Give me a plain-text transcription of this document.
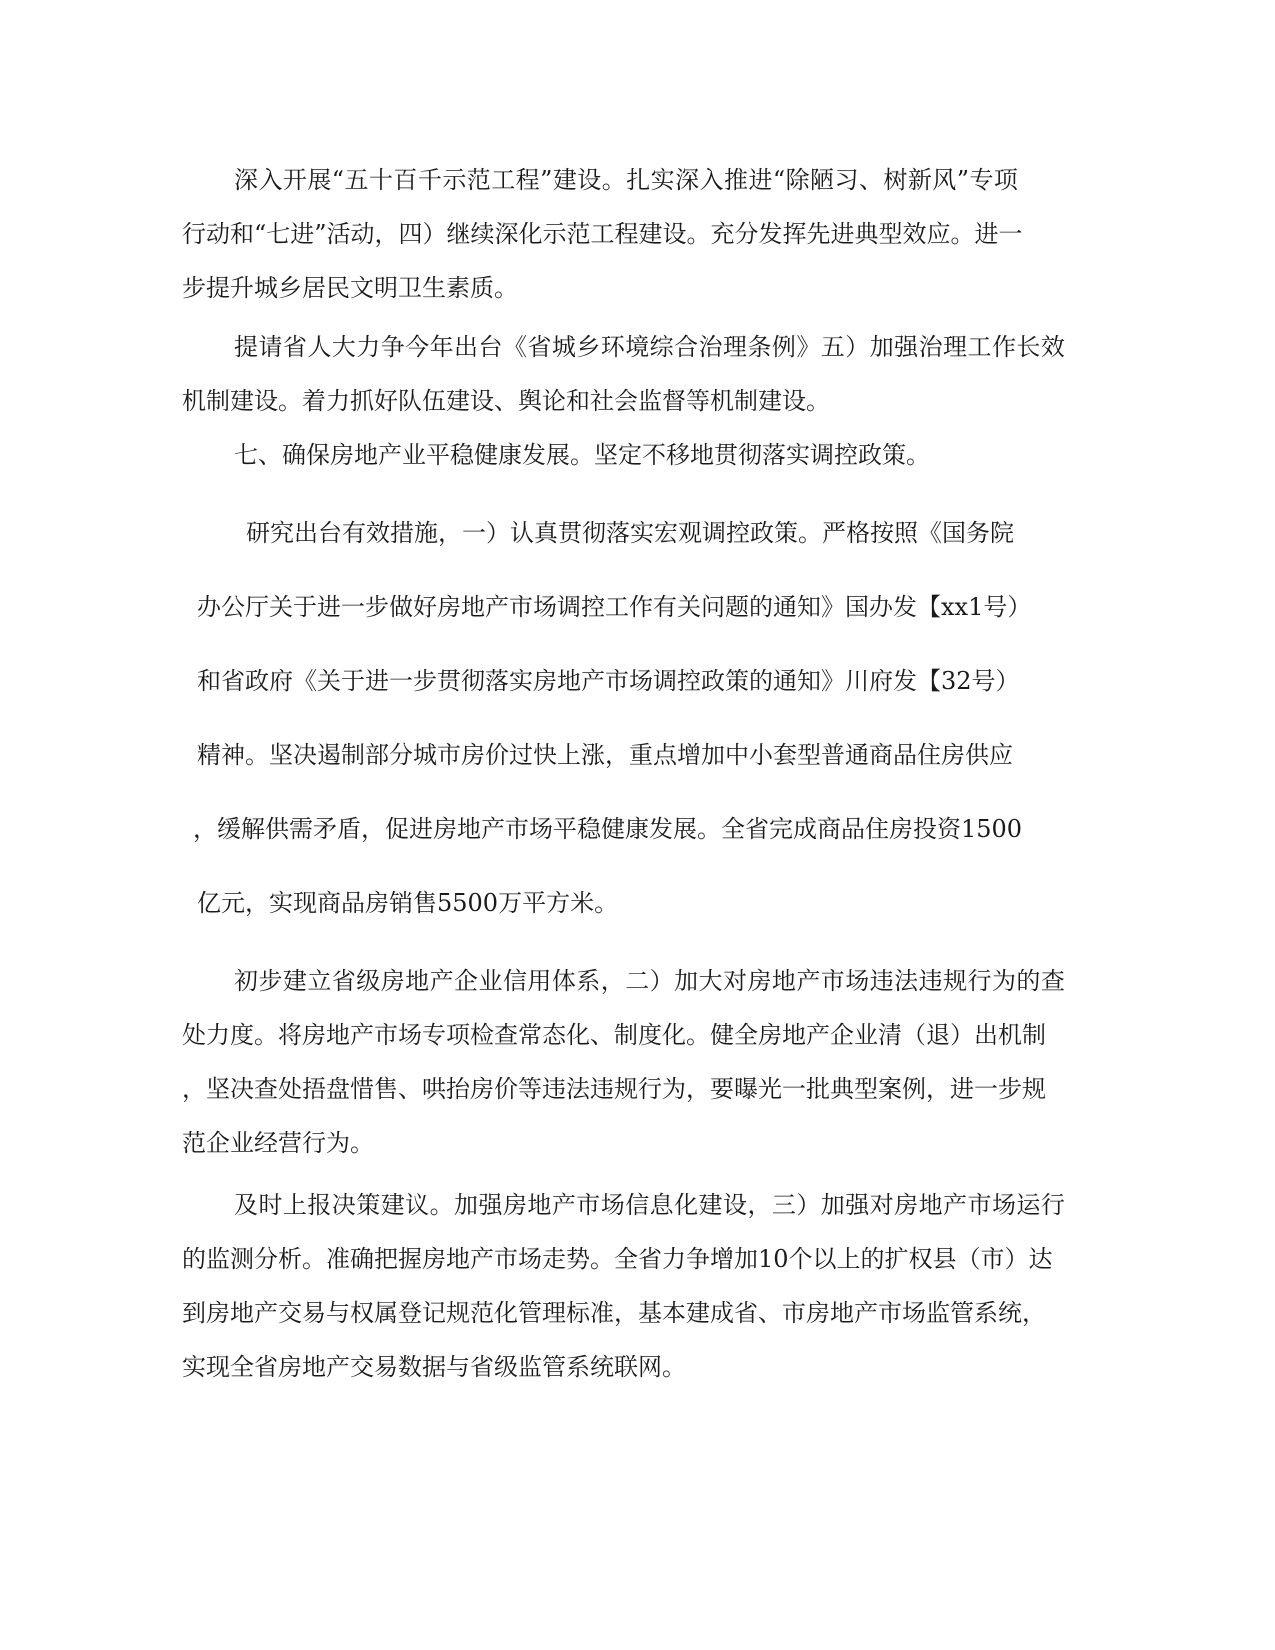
深入开展“五十百千示范工程”建设。扎实深入推进“除陋习、树新风”专项

行动和“七进”活动，四）继续深化示范工程建设。充分发挥先进典型效应。进一

步提升城乡居民文明卫生素质。

提请省人大力争今年出台《省城乡环境综合治理条例》五）加强治理工作长效

机制建设。着力抓好队伍建设、舆论和社会监督等机制建设。

七、确保房地产业平稳健康发展。坚定不移地贯彻落实调控政策。

研究出台有效措施，一）认真贯彻落实宏观调控政策。严格按照《国务院

办公厅关于进一步做好房地产市场调控工作有关问题的通知》国办发【xx1号）

和省政府《关于进一步贯彻落实房地产市场调控政策的通知》川府发【32号）

精神。坚决遏制部分城市房价过快上涨，重点增加中小套型普通商品住房供应

，缓解供需矛盾，促进房地产市场平稳健康发展。全省完成商品住房投资1500

亿元，实现商品房销售5500万平方米。

初步建立省级房地产企业信用体系，二）加大对房地产市场违法违规行为的查

处力度。将房地产市场专项检查常态化、制度化。健全房地产企业清（退）出机制

，坚决查处捂盘惜售、哄抬房价等违法违规行为，要曝光一批典型案例，进一步规

范企业经营行为。

及时上报决策建议。加强房地产市场信息化建设，三）加强对房地产市场运行

的监测分析。准确把握房地产市场走势。全省力争增加10个以上的扩权县（市）达

到房地产交易与权属登记规范化管理标准，基本建成省、市房地产市场监管系统，

实现全省房地产交易数据与省级监管系统联网。
